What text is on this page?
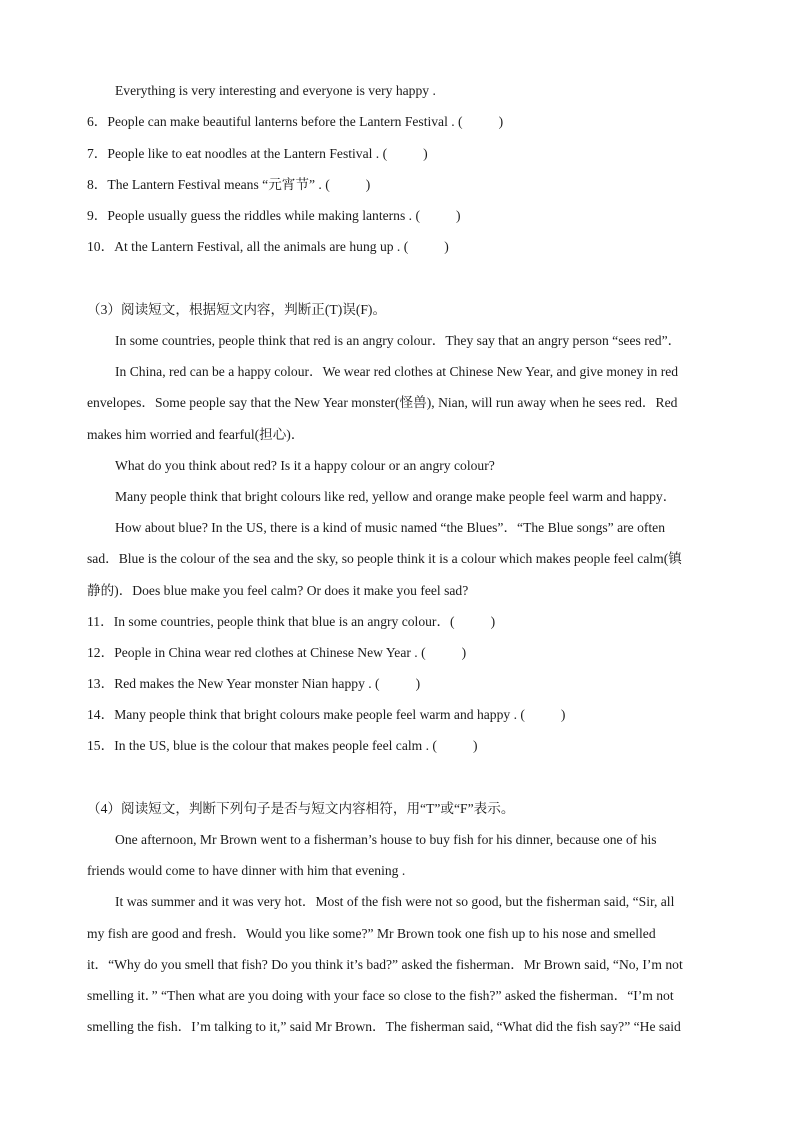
Everything is very interesting and everyone is very happy .
6．People can make beautiful lanterns before the Lantern Festival . (	)
7．People like to eat noodles at the Lantern Festival . (	)
8．The Lantern Festival means “元宵节” . (	)
9．People usually guess the riddles while making lanterns . (	)
10．At the Lantern Festival, all the animals are hung up . (	)
（3）阅读短文，根据短文内容，判断正(T)误(F)。
In some countries, people think that red is an angry colour．They say that an angry person “sees red”．
In China, red can be a happy colour．We wear red clothes at Chinese New Year, and give money in red
envelopes．Some people say that the New Year monster(怪兽), Nian, will run away when he sees red．Red
makes him worried and fearful(担心)．
What do you think about red? Is it a happy colour or an angry colour?
Many people think that bright colours like red, yellow and orange make people feel warm and happy．
How about blue? In the US, there is a kind of music named “the Blues”．“The Blue songs” are often
sad．Blue is the colour of the sea and the sky, so people think it is a colour which makes people feel calm(镇
静的)．Does blue make you feel calm? Or does it make you feel sad?
11．In some countries, people think that blue is an angry colour．(	)
12．People in China wear red clothes at Chinese New Year . (	)
13．Red makes the New Year monster Nian happy . (	)
14．Many people think that bright colours make people feel warm and happy . (	)
15．In the US, blue is the colour that makes people feel calm . (	)
（4）阅读短文，判断下列句子是否与短文内容相符，用“T”或“F”表示。
One afternoon, Mr Brown went to a fisherman’s house to buy fish for his dinner, because one of his
friends would come to have dinner with him that evening .
It was summer and it was very hot．Most of the fish were not so good, but the fisherman said, “Sir, all
my fish are good and fresh．Would you like some?” Mr Brown took one fish up to his nose and smelled
it．“Why do you smell that fish? Do you think it’s bad?” asked the fisherman．Mr Brown said, “No, I’m not
smelling it．” “Then what are you doing with your face so close to the fish?” asked the fisherman．“I’m not
smelling the fish．I’m talking to it,” said Mr Brown．The fisherman said, “What did the fish say?” “He said
